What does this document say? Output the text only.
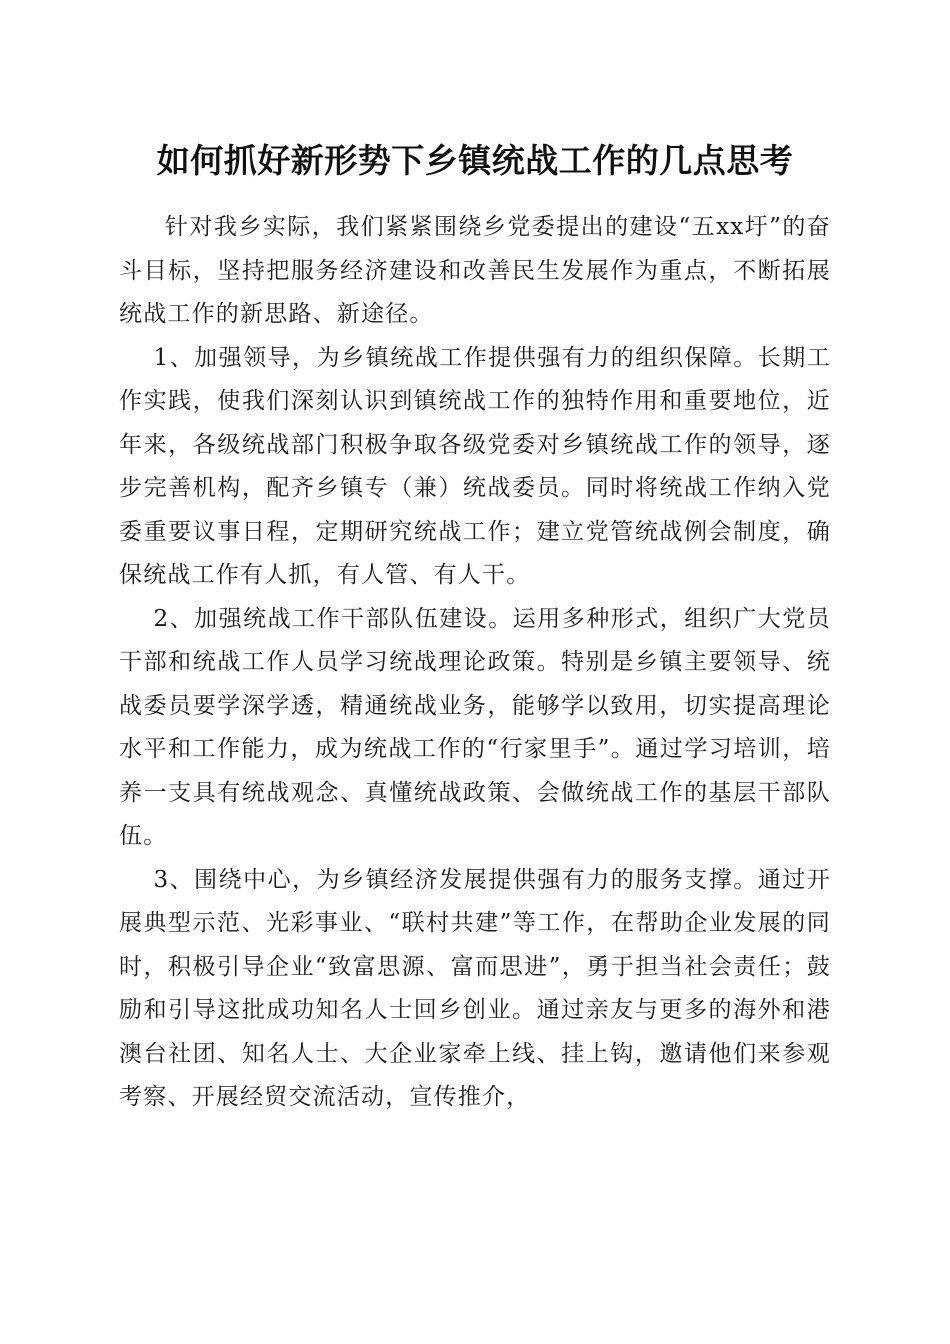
如何抓好新形势下乡镇统战工作的几点思考

针对我乡实际，我们紧紧围绕乡党委提出的建设“五xx圩”的奋斗目标，坚持把服务经济建设和改善民生发展作为重点，不断拓展统战工作的新思路、新途径。

1、加强领导，为乡镇统战工作提供强有力的组织保障。长期工作实践，使我们深刻认识到镇统战工作的独特作用和重要地位，近年来，各级统战部门积极争取各级党委对乡镇统战工作的领导，逐步完善机构，配齐乡镇专（兼）统战委员。同时将统战工作纳入党委重要议事日程，定期研究统战工作；建立党管统战例会制度，确保统战工作有人抓，有人管、有人干。

2、加强统战工作干部队伍建设。运用多种形式，组织广大党员干部和统战工作人员学习统战理论政策。特别是乡镇主要领导、统战委员要学深学透，精通统战业务，能够学以致用，切实提高理论水平和工作能力，成为统战工作的“行家里手”。通过学习培训，培养一支具有统战观念、真懂统战政策、会做统战工作的基层干部队伍。

3、围绕中心，为乡镇经济发展提供强有力的服务支撑。通过开展典型示范、光彩事业、“联村共建”等工作，在帮助企业发展的同时，积极引导企业“致富思源、富而思进”，勇于担当社会责任；鼓励和引导这批成功知名人士回乡创业。通过亲友与更多的海外和港澳台社团、知名人士、大企业家牵上线、挂上钩，邀请他们来参观考察、开展经贸交流活动，宣传推介，
